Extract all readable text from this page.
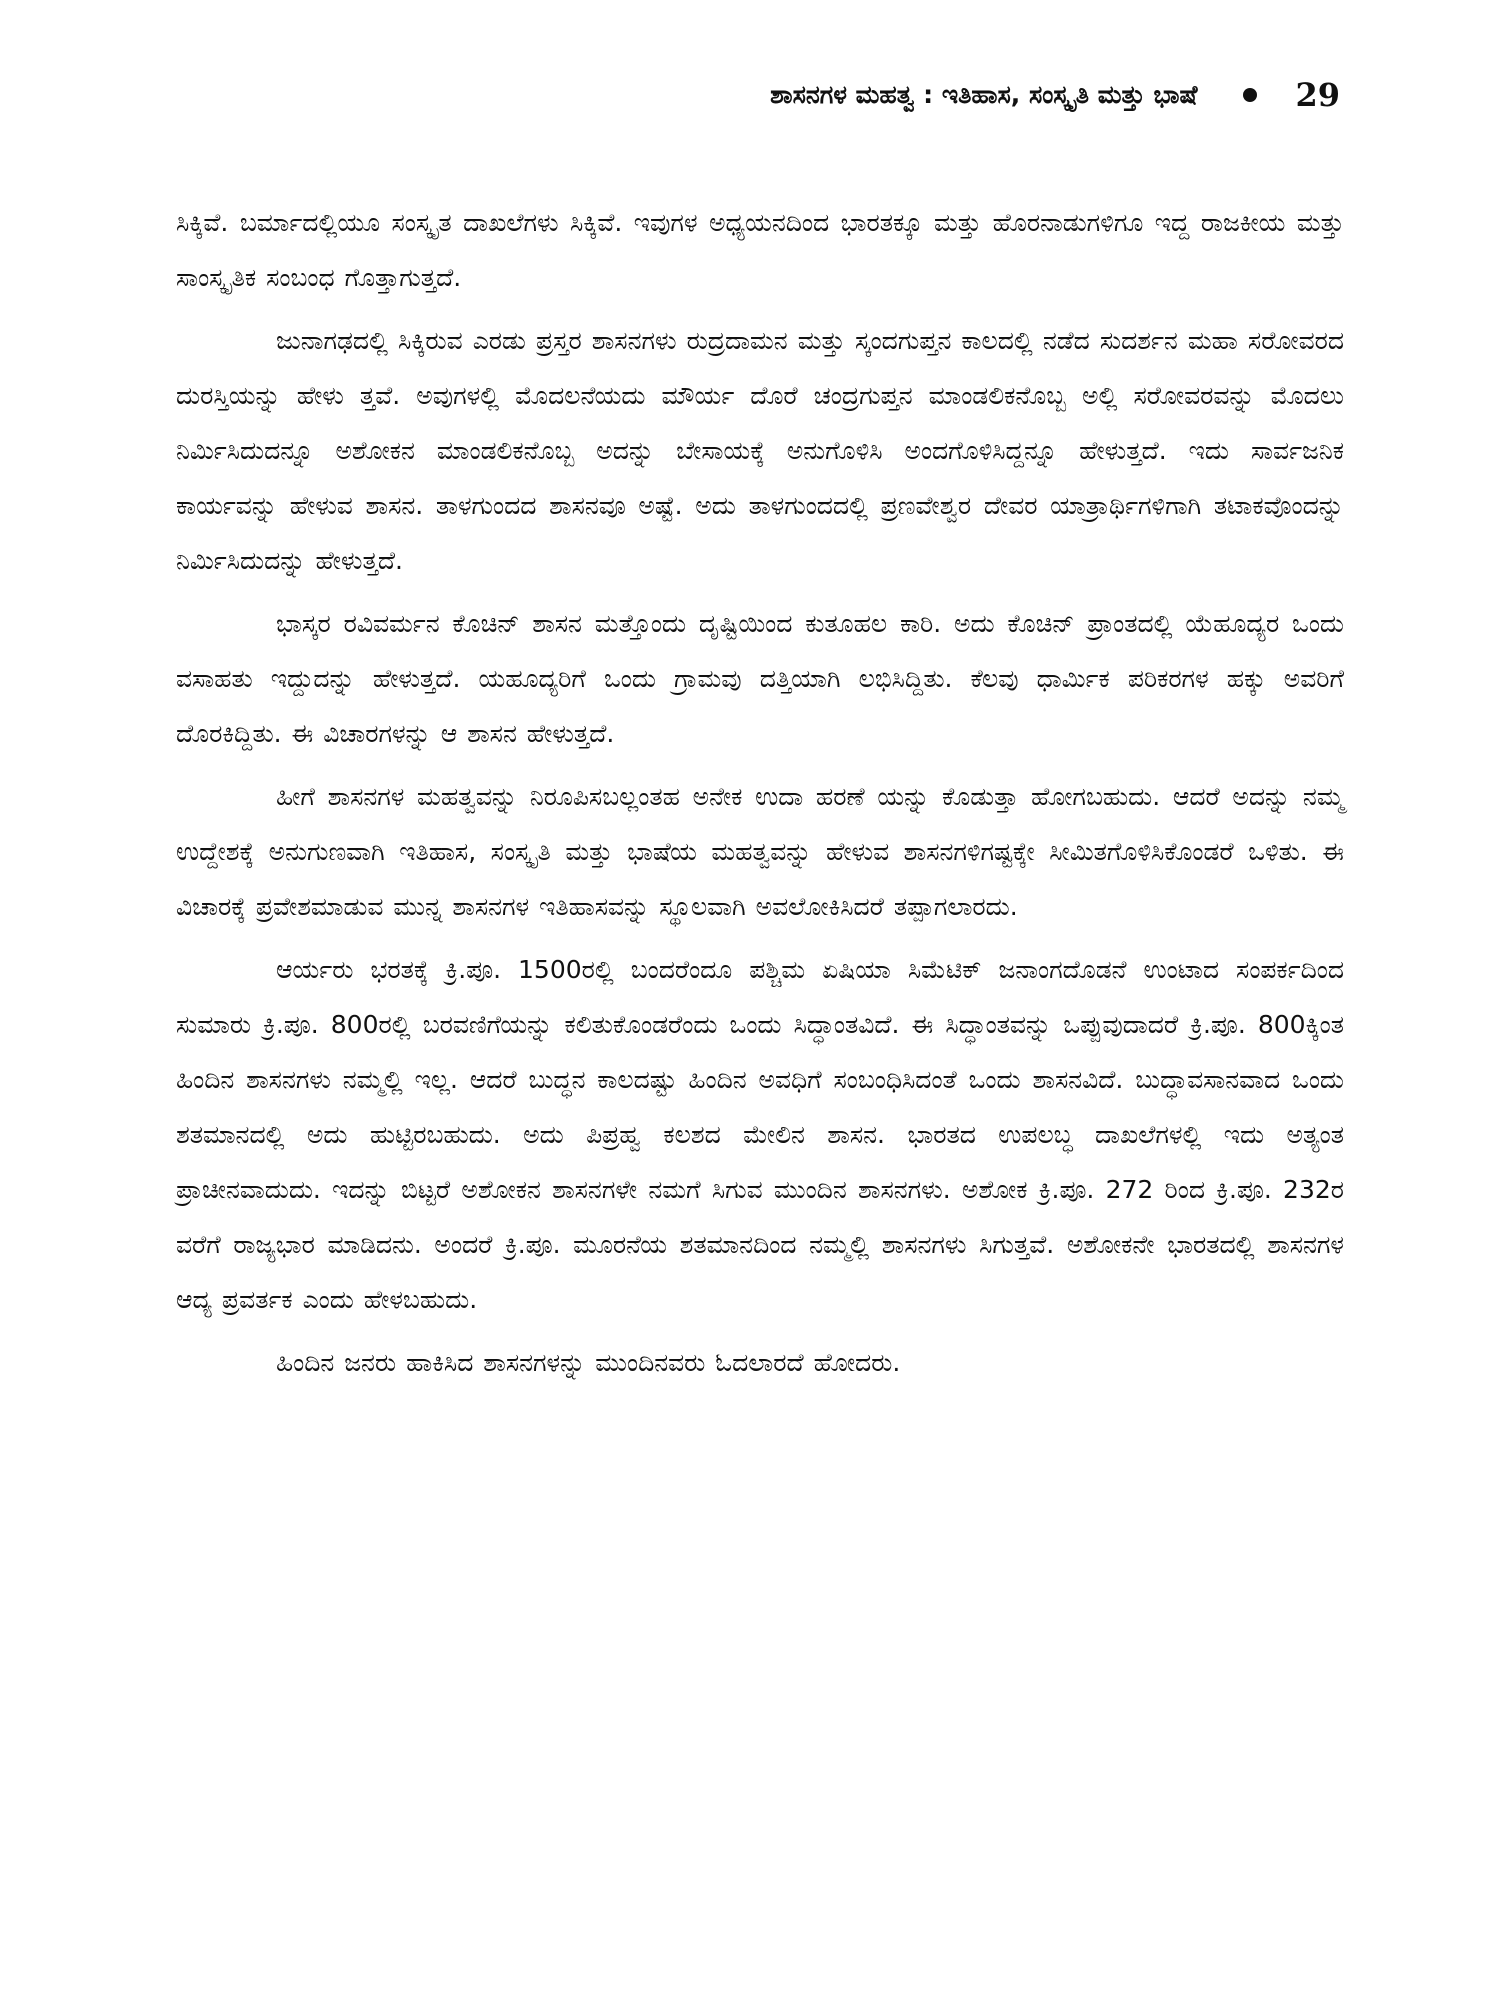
ಶಾಸನಗಳ ಮಹತ್ವ : ಇತಿಹಾಸ, ಸಂಸ್ಕೃತಿ ಮತ್ತು ಭಾಷೆ	29

ಸಿಕ್ಕಿವೆ. ಬರ್ಮಾದಲ್ಲಿಯೂ ಸಂಸ್ಕೃತ ದಾಖಲೆಗಳು ಸಿಕ್ಕಿವೆ. ಇವುಗಳ ಅಧ್ಯಯನದಿಂದ ಭಾರತಕ್ಕೂ ಮತ್ತು ಹೊರನಾಡುಗಳಿಗೂ ಇದ್ದ ರಾಜಕೀಯ ಮತ್ತು ಸಾಂಸ್ಕೃತಿಕ ಸಂಬಂಧ ಗೊತ್ತಾಗುತ್ತದೆ.

ಜುನಾಗಢದಲ್ಲಿ ಸಿಕ್ಕಿರುವ ಎರಡು ಪ್ರಸ್ತರ ಶಾಸನಗಳು ರುದ್ರದಾಮನ ಮತ್ತು ಸ್ಕಂದಗುಪ್ತನ ಕಾಲದಲ್ಲಿ ನಡೆದ ಸುದರ್ಶನ ಮಹಾ ಸರೋವರದ ದುರಸ್ತಿಯನ್ನು ಹೇಳು ತ್ತವೆ. ಅವುಗಳಲ್ಲಿ ಮೊದಲನೆಯದು ಮೌರ್ಯ ದೊರೆ ಚಂದ್ರಗುಪ್ತನ ಮಾಂಡಲಿಕನೊಬ್ಬ ಅಲ್ಲಿ ಸರೋವರವನ್ನು ಮೊದಲು ನಿರ್ಮಿಸಿದುದನ್ನೂ ಅಶೋಕನ ಮಾಂಡಲಿಕನೊಬ್ಬ ಅದನ್ನು ಬೇಸಾಯಕ್ಕೆ ಅನುಗೊಳಿಸಿ ಅಂದಗೊಳಿಸಿದ್ದನ್ನೂ ಹೇಳುತ್ತದೆ. ಇದು ಸಾರ್ವಜನಿಕ ಕಾರ್ಯವನ್ನು ಹೇಳುವ ಶಾಸನ. ತಾಳಗುಂದದ ಶಾಸನವೂ ಅಷ್ಟೆ. ಅದು ತಾಳಗುಂದದಲ್ಲಿ ಪ್ರಣವೇಶ್ವರ ದೇವರ ಯಾತ್ರಾರ್ಥಿಗಳಿಗಾಗಿ ತಟಾಕವೊಂದನ್ನು ನಿರ್ಮಿಸಿದುದನ್ನು ಹೇಳುತ್ತದೆ.

ಭಾಸ್ಕರ ರವಿವರ್ಮನ ಕೊಚಿನ್ ಶಾಸನ ಮತ್ತೊಂದು ದೃಷ್ಟಿಯಿಂದ ಕುತೂಹಲ ಕಾರಿ. ಅದು ಕೊಚಿನ್ ಪ್ರಾಂತದಲ್ಲಿ ಯೆಹೂದ್ಯರ ಒಂದು ವಸಾಹತು ಇದ್ದುದನ್ನು ಹೇಳುತ್ತದೆ. ಯಹೂದ್ಯರಿಗೆ ಒಂದು ಗ್ರಾಮವು ದತ್ತಿಯಾಗಿ ಲಭಿಸಿದ್ದಿತು. ಕೆಲವು ಧಾರ್ಮಿಕ ಪರಿಕರಗಳ ಹಕ್ಕು ಅವರಿಗೆ ದೊರಕಿದ್ದಿತು. ಈ ವಿಚಾರಗಳನ್ನು ಆ ಶಾಸನ ಹೇಳುತ್ತದೆ.

ಹೀಗೆ ಶಾಸನಗಳ ಮಹತ್ವವನ್ನು ನಿರೂಪಿಸಬಲ್ಲಂತಹ ಅನೇಕ ಉದಾ ಹರಣೆ ಯನ್ನು ಕೊಡುತ್ತಾ ಹೋಗಬಹುದು. ಆದರೆ ಅದನ್ನು ನಮ್ಮ ಉದ್ದೇಶಕ್ಕೆ ಅನುಗುಣವಾಗಿ ಇತಿಹಾಸ, ಸಂಸ್ಕೃತಿ ಮತ್ತು ಭಾಷೆಯ ಮಹತ್ವವನ್ನು ಹೇಳುವ ಶಾಸನಗಳಿಗಷ್ಟಕ್ಕೇ ಸೀಮಿತಗೊಳಿಸಿಕೊಂಡರೆ ಒಳಿತು. ಈ ವಿಚಾರಕ್ಕೆ ಪ್ರವೇಶಮಾಡುವ ಮುನ್ನ ಶಾಸನಗಳ ಇತಿಹಾಸವನ್ನು ಸ್ಥೂಲವಾಗಿ ಅವಲೋಕಿಸಿದರೆ ತಪ್ಪಾಗಲಾರದು.

ಆರ್ಯರು ಭರತಕ್ಕೆ ಕ್ರಿ.ಪೂ. 1500ರಲ್ಲಿ ಬಂದರೆಂದೂ ಪಶ್ಚಿಮ ಏಷಿಯಾ ಸಿಮೆಟಿಕ್ ಜನಾಂಗದೊಡನೆ ಉಂಟಾದ ಸಂಪರ್ಕದಿಂದ ಸುಮಾರು ಕ್ರಿ.ಪೂ. 800ರಲ್ಲಿ ಬರವಣಿಗೆಯನ್ನು ಕಲಿತುಕೊಂಡರೆಂದು ಒಂದು ಸಿದ್ಧಾಂತವಿದೆ. ಈ ಸಿದ್ಧಾಂತವನ್ನು ಒಪ್ಪುವುದಾದರೆ ಕ್ರಿ.ಪೂ. 800ಕ್ಕಿಂತ ಹಿಂದಿನ ಶಾಸನಗಳು ನಮ್ಮಲ್ಲಿ ಇಲ್ಲ. ಆದರೆ ಬುದ್ಧನ ಕಾಲದಷ್ಟು ಹಿಂದಿನ ಅವಧಿಗೆ ಸಂಬಂಧಿಸಿದಂತೆ ಒಂದು ಶಾಸನವಿದೆ. ಬುದ್ಧಾವಸಾನವಾದ ಒಂದು ಶತಮಾನದಲ್ಲಿ ಅದು ಹುಟ್ಟಿರಬಹುದು. ಅದು ಪಿಪ್ರಹ್ವ ಕಲಶದ ಮೇಲಿನ ಶಾಸನ. ಭಾರತದ ಉಪಲಬ್ಧ ದಾಖಲೆಗಳಲ್ಲಿ ಇದು ಅತ್ಯಂತ ಪ್ರಾಚೀನವಾದುದು. ಇದನ್ನು ಬಿಟ್ಟರೆ ಅಶೋಕನ ಶಾಸನಗಳೇ ನಮಗೆ ಸಿಗುವ ಮುಂದಿನ ಶಾಸನಗಳು. ಅಶೋಕ ಕ್ರಿ.ಪೂ. 272 ರಿಂದ ಕ್ರಿ.ಪೂ. 232ರ ವರೆಗೆ ರಾಜ್ಯಭಾರ ಮಾಡಿದನು. ಅಂದರೆ ಕ್ರಿ.ಪೂ. ಮೂರನೆಯ ಶತಮಾನದಿಂದ ನಮ್ಮಲ್ಲಿ ಶಾಸನಗಳು ಸಿಗುತ್ತವೆ. ಅಶೋಕನೇ ಭಾರತದಲ್ಲಿ ಶಾಸನಗಳ ಆದ್ಯ ಪ್ರವರ್ತಕ ಎಂದು ಹೇಳಬಹುದು.

ಹಿಂದಿನ ಜನರು ಹಾಕಿಸಿದ ಶಾಸನಗಳನ್ನು ಮುಂದಿನವರು ಓದಲಾರದೆ ಹೋದರು.
